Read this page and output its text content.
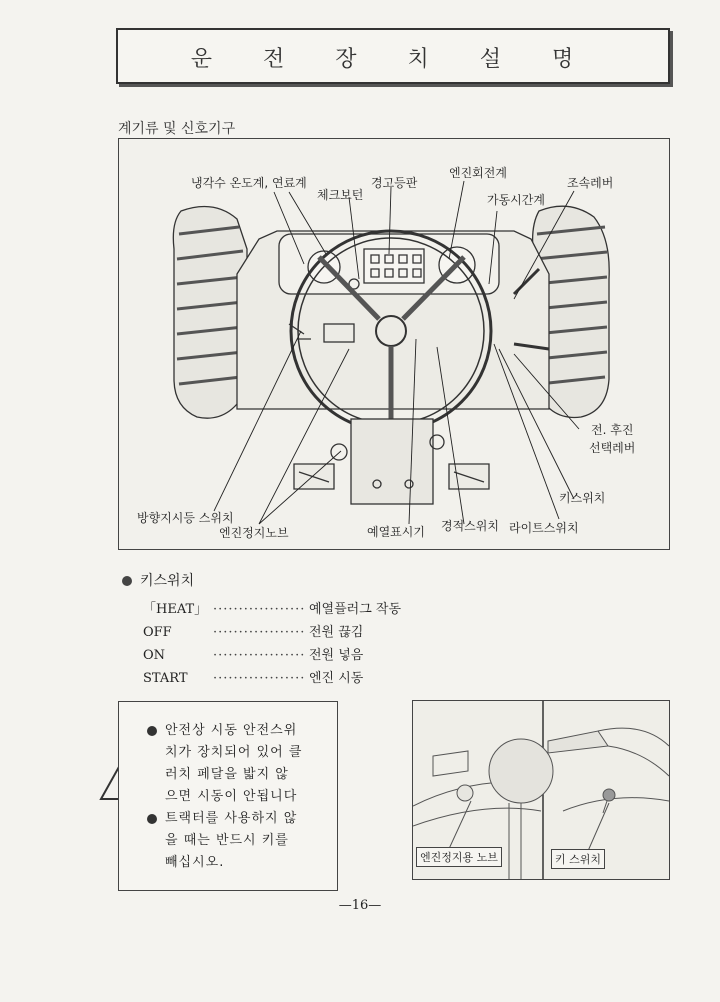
운 전 장 치 설 명
계기류 및 신호기구
냉각수 온도계, 연료계
체크보턴
경고등판
엔진회전계
가동시간계
조속레버
전. 후진
선택레버
키스위치
라이트스위치
경적스위치
예열표시기
엔진정지노브
방향지시등 스위치
키스위치
「HEAT」 ·················· 예열플러그 작동
OFF	·················· 전원 끊김
ON	·················· 전원 넣음
START ·················· 엔진 시동
안전상 시동 안전스위
치가 장치되어 있어 클
러치 페달을 밟지 않
으면 시동이 안됩니다
트랙터를 사용하지 않
을 때는 반드시 키를
빼십시오.	엔진정지용 노브	키 스위치
—16—
